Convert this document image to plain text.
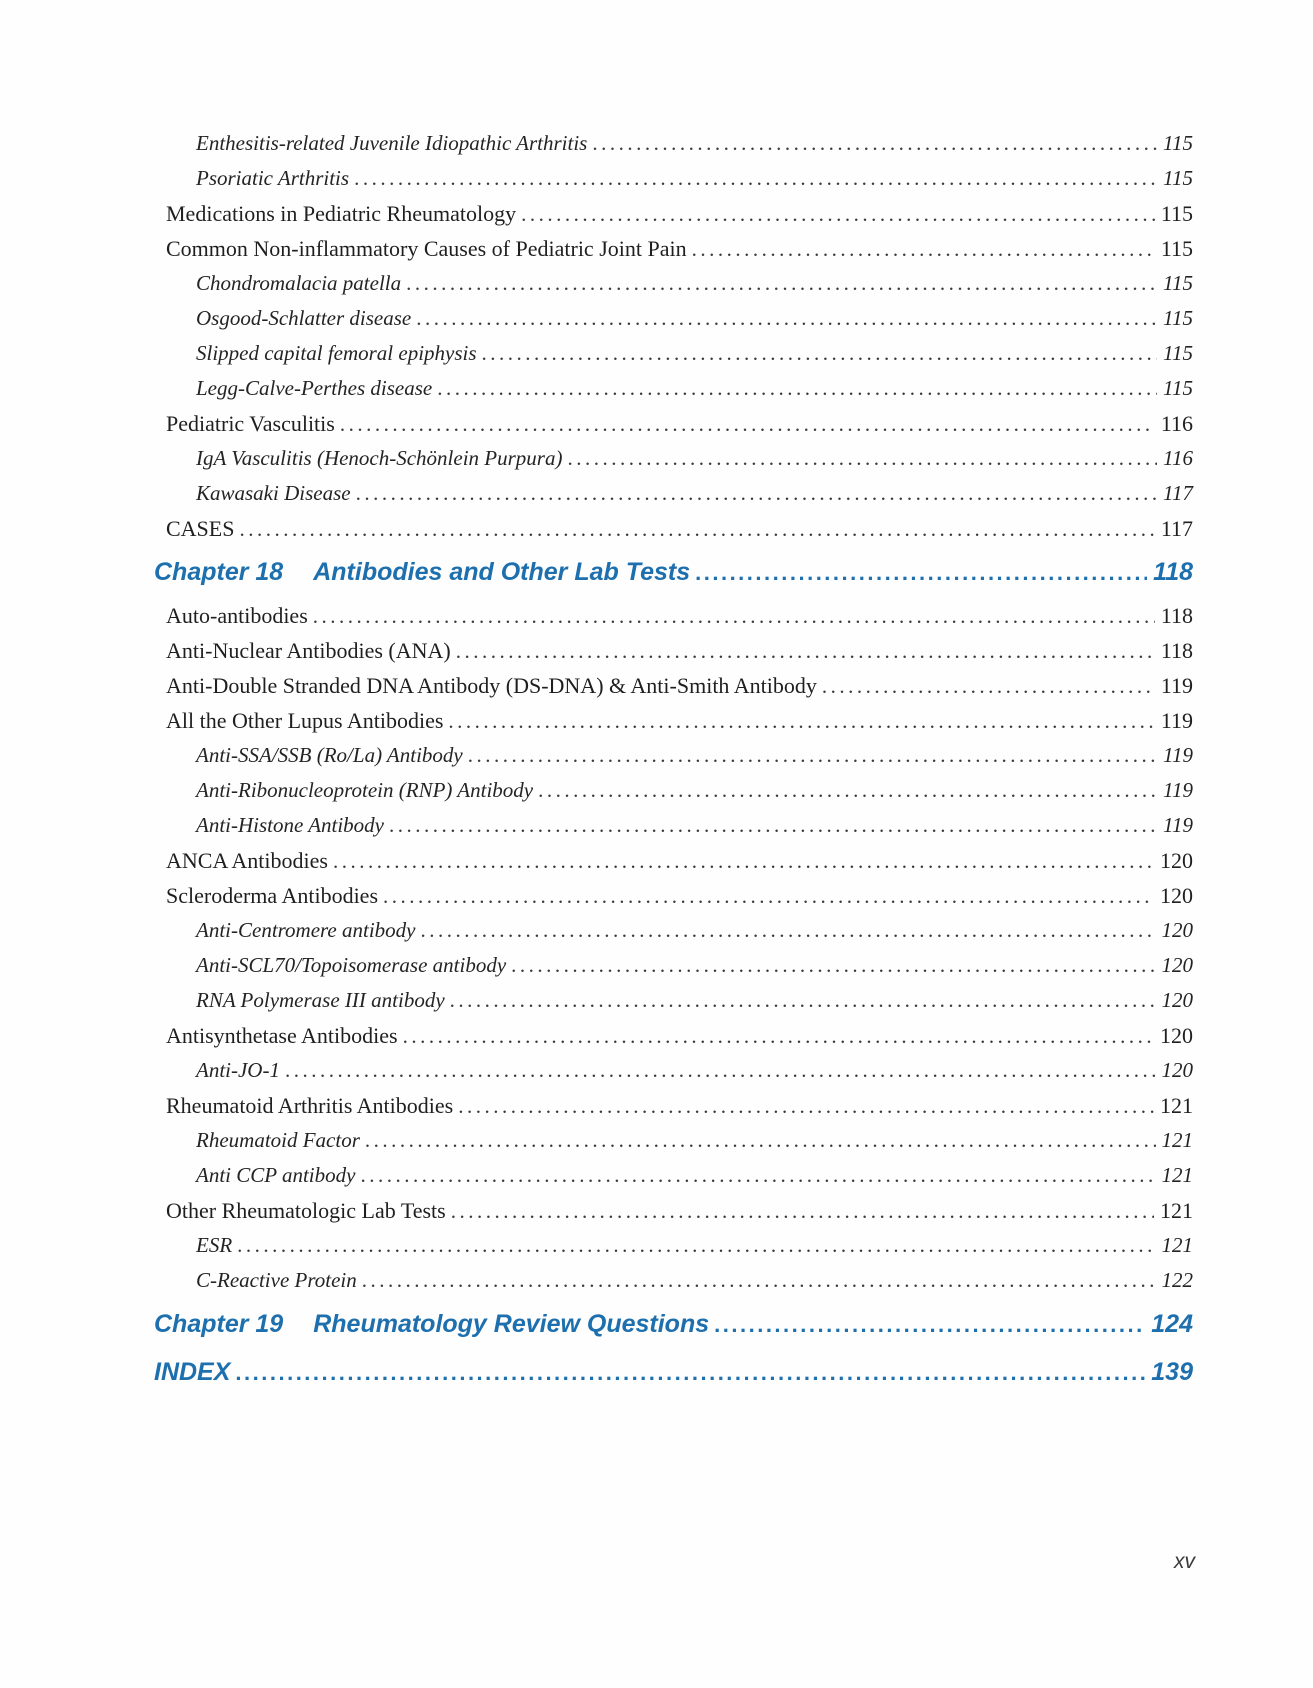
Enthesitis-related Juvenile Idiopathic Arthritis .....	115
Psoriatic Arthritis .....	115
Medications in Pediatric Rheumatology .....	115
Common Non-inflammatory Causes of Pediatric Joint Pain .....	115
Chondromalacia patella .....	115
Osgood-Schlatter disease .....	115
Slipped capital femoral epiphysis .....	115
Legg-Calve-Perthes disease .....	115
Pediatric Vasculitis .....	116
IgA Vasculitis (Henoch-Schönlein Purpura) .....	116
Kawasaki Disease .....	117
CASES .....	117
Chapter 18 Antibodies and Other Lab Tests .....	118
Auto-antibodies .....	118
Anti-Nuclear Antibodies (ANA) .....	118
Anti-Double Stranded DNA Antibody (DS-DNA) & Anti-Smith Antibody .....	119
All the Other Lupus Antibodies .....	119
Anti-SSA/SSB (Ro/La) Antibody .....	119
Anti-Ribonucleoprotein (RNP) Antibody .....	119
Anti-Histone Antibody .....	119
ANCA Antibodies .....	120
Scleroderma Antibodies .....	120
Anti-Centromere antibody .....	120
Anti-SCL70/Topoisomerase antibody .....	120
RNA Polymerase III antibody .....	120
Antisynthetase Antibodies .....	120
Anti-JO-1 .....	120
Rheumatoid Arthritis Antibodies .....	121
Rheumatoid Factor .....	121
Anti CCP antibody .....	121
Other Rheumatologic Lab Tests .....	121
ESR .....	121
C-Reactive Protein .....	122
Chapter 19 Rheumatology Review Questions .....	124
INDEX .....	139
xv
